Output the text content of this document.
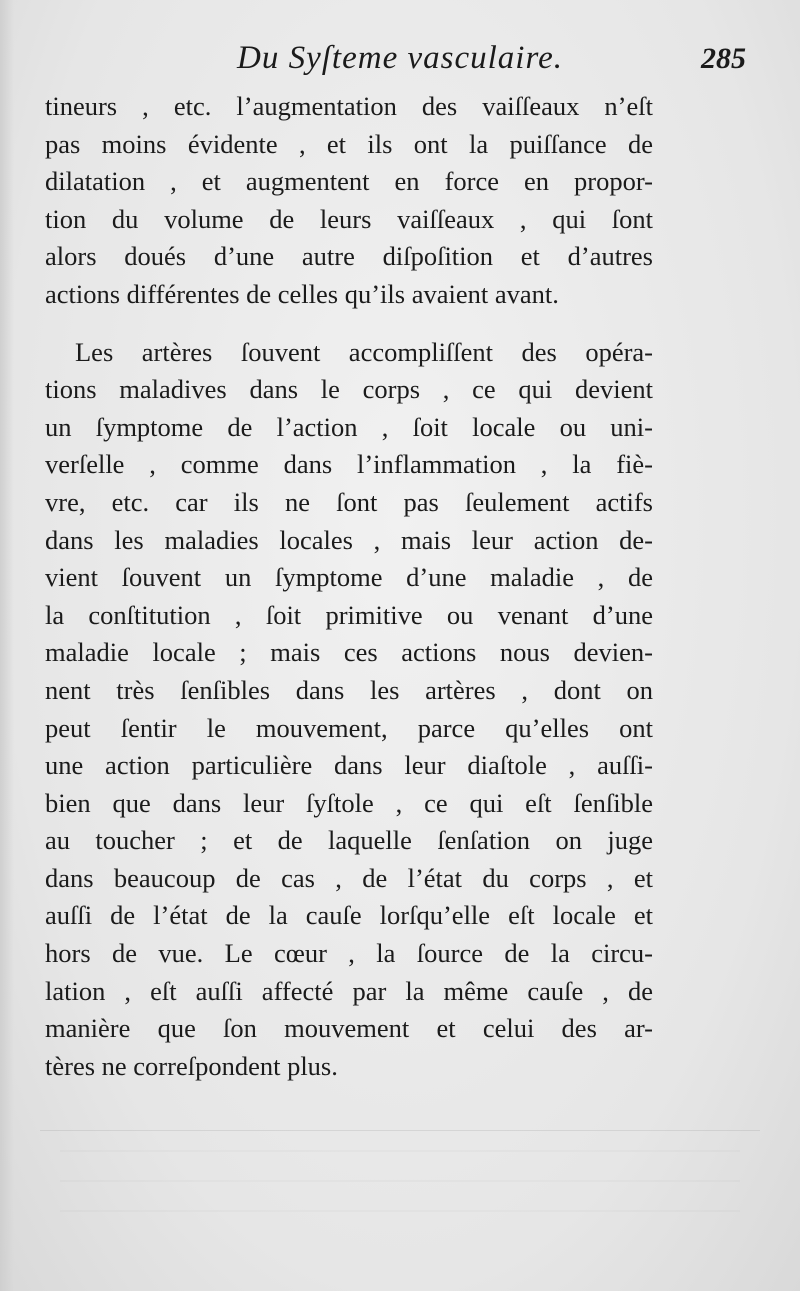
Du Syſteme vasculaire.	285
tineurs , etc. l’augmentation des vaiſſeaux n’eſt
pas moins évidente , et ils ont la puiſſance de
dilatation , et augmentent en force en propor-
tion du volume de leurs vaiſſeaux , qui ſont
alors doués d’une autre diſpoſition et d’autres
actions différentes de celles qu’ils avaient avant.
Les artères ſouvent accompliſſent des opéra-
tions maladives dans le corps , ce qui devient
un ſymptome de l’action , ſoit locale ou uni-
verſelle , comme dans l’inflammation , la fiè-
vre, etc. car ils ne ſont pas ſeulement actifs
dans les maladies locales , mais leur action de-
vient ſouvent un ſymptome d’une maladie , de
la conſtitution , ſoit primitive ou venant d’une
maladie locale ; mais ces actions nous devien-
nent très ſenſibles dans les artères , dont on
peut ſentir le mouvement, parce qu’elles ont
une action particulière dans leur diaſtole , auſſi-
bien que dans leur ſyſtole , ce qui eſt ſenſible
au toucher ; et de laquelle ſenſation on juge
dans beaucoup de cas , de l’état du corps , et
auſſi de l’état de la cauſe lorſqu’elle eſt locale et
hors de vue. Le cœur , la ſource de la circu-
lation , eſt auſſi affecté par la même cauſe , de
manière que ſon mouvement et celui des ar-
tères ne correſpondent plus.
